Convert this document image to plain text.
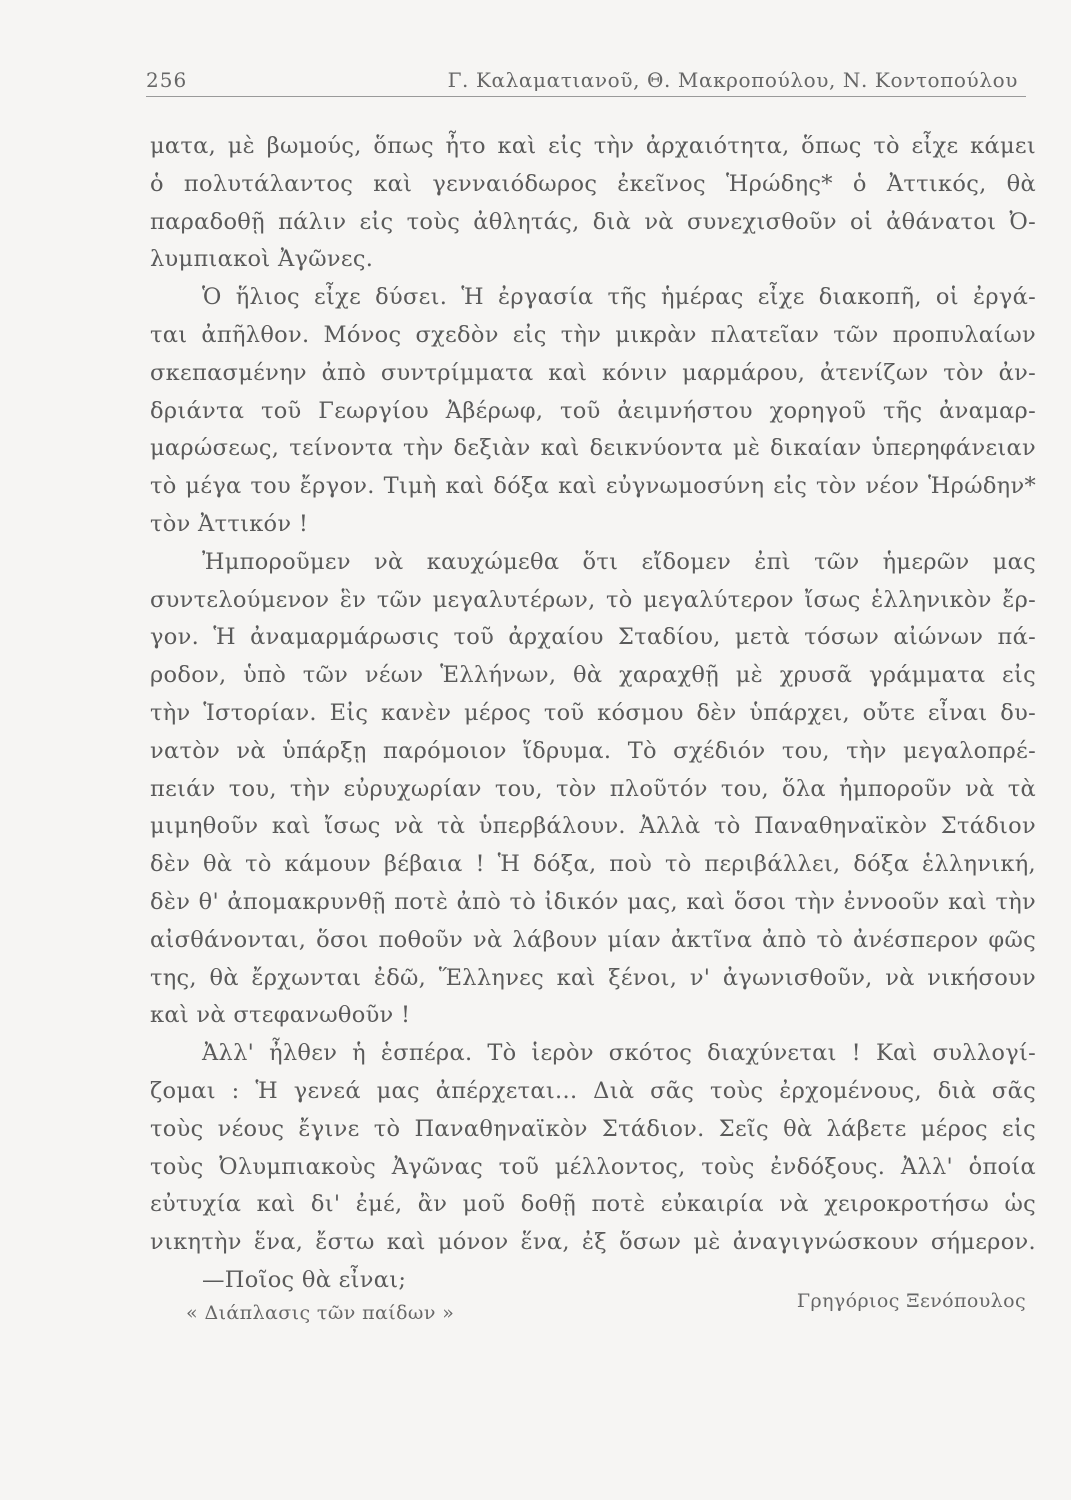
256	Γ. Καλαματιανοῦ, Θ. Μακροπούλου, Ν. Κοντοπούλου
ματα, μὲ βωμούς, ὅπως ἦτο καὶ εἰς τὴν ἀρχαιότητα, ὅπως τὸ εἶχε κάμει
ὁ πολυτάλαντος καὶ γενναιόδωρος ἐκεῖνος Ἡρώδης* ὁ Ἀττικός, θὰ
παραδοθῇ πάλιν εἰς τοὺς ἀθλητάς, διὰ νὰ συνεχισθοῦν οἱ ἀθάνατοι Ὀ-
λυμπιακοὶ Ἀγῶνες.
Ὁ ἥλιος εἶχε δύσει. Ἡ ἐργασία τῆς ἡμέρας εἶχε διακοπῆ, οἱ ἐργά-
ται ἀπῆλθον. Μόνος σχεδὸν εἰς τὴν μικρὰν πλατεῖαν τῶν προπυλαίων
σκεπασμένην ἀπὸ συντρίμματα καὶ κόνιν μαρμάρου, ἀτενίζων τὸν ἀν-
δριάντα τοῦ Γεωργίου Ἀβέρωφ, τοῦ ἀειμνήστου χορηγοῦ τῆς ἀναμαρ-
μαρώσεως, τείνοντα τὴν δεξιὰν καὶ δεικνύοντα μὲ δικαίαν ὑπερηφάνειαν
τὸ μέγα του ἔργον. Τιμὴ καὶ δόξα καὶ εὐγνωμοσύνη εἰς τὸν νέον Ἡρώδην*
τὸν Ἀττικόν !
Ἠμποροῦμεν νὰ καυχώμεθα ὅτι εἴδομεν ἐπὶ τῶν ἡμερῶν μας
συντελούμενον ἓν τῶν μεγαλυτέρων, τὸ μεγαλύτερον ἴσως ἑλληνικὸν ἔρ-
γον. Ἡ ἀναμαρμάρωσις τοῦ ἀρχαίου Σταδίου, μετὰ τόσων αἰώνων πά-
ροδον, ὑπὸ τῶν νέων Ἑλλήνων, θὰ χαραχθῇ μὲ χρυσᾶ γράμματα εἰς
τὴν Ἱστορίαν. Εἰς κανὲν μέρος τοῦ κόσμου δὲν ὑπάρχει, οὔτε εἶναι δυ-
νατὸν νὰ ὑπάρξῃ παρόμοιον ἵδρυμα. Τὸ σχέδιόν του, τὴν μεγαλοπρέ-
πειάν του, τὴν εὐρυχωρίαν του, τὸν πλοῦτόν του, ὅλα ἠμποροῦν νὰ τὰ
μιμηθοῦν καὶ ἴσως νὰ τὰ ὑπερβάλουν. Ἀλλὰ τὸ Παναθηναϊκὸν Στάδιον
δὲν θὰ τὸ κάμουν βέβαια ! Ἡ δόξα, ποὺ τὸ περιβάλλει, δόξα ἑλληνική,
δὲν θ' ἀπομακρυνθῇ ποτὲ ἀπὸ τὸ ἰδικόν μας, καὶ ὅσοι τὴν ἐννοοῦν καὶ τὴν
αἰσθάνονται, ὅσοι ποθοῦν νὰ λάβουν μίαν ἀκτῖνα ἀπὸ τὸ ἀνέσπερον φῶς
της, θὰ ἔρχωνται ἐδῶ, Ἕλληνες καὶ ξένοι, ν' ἀγωνισθοῦν, νὰ νικήσουν
καὶ νὰ στεφανωθοῦν !
Ἀλλ' ἦλθεν ἡ ἑσπέρα. Τὸ ἱερὸν σκότος διαχύνεται ! Καὶ συλλογί-
ζομαι : Ἡ γενεά μας ἀπέρχεται... Διὰ σᾶς τοὺς ἐρχομένους, διὰ σᾶς
τοὺς νέους ἔγινε τὸ Παναθηναϊκὸν Στάδιον. Σεῖς θὰ λάβετε μέρος εἰς
τοὺς Ὀλυμπιακοὺς Ἀγῶνας τοῦ μέλλοντος, τοὺς ἐνδόξους. Ἀλλ' ὁποία
εὐτυχία καὶ δι' ἐμέ, ἂν μοῦ δοθῇ ποτὲ εὐκαιρία νὰ χειροκροτήσω ὡς
νικητὴν ἕνα, ἔστω καὶ μόνον ἕνα, ἐξ ὅσων μὲ ἀναγιγνώσκουν σήμερον.
—Ποῖος θὰ εἶναι;
« Διάπλασις τῶν παίδων »
Γρηγόριος Ξενόπουλος
